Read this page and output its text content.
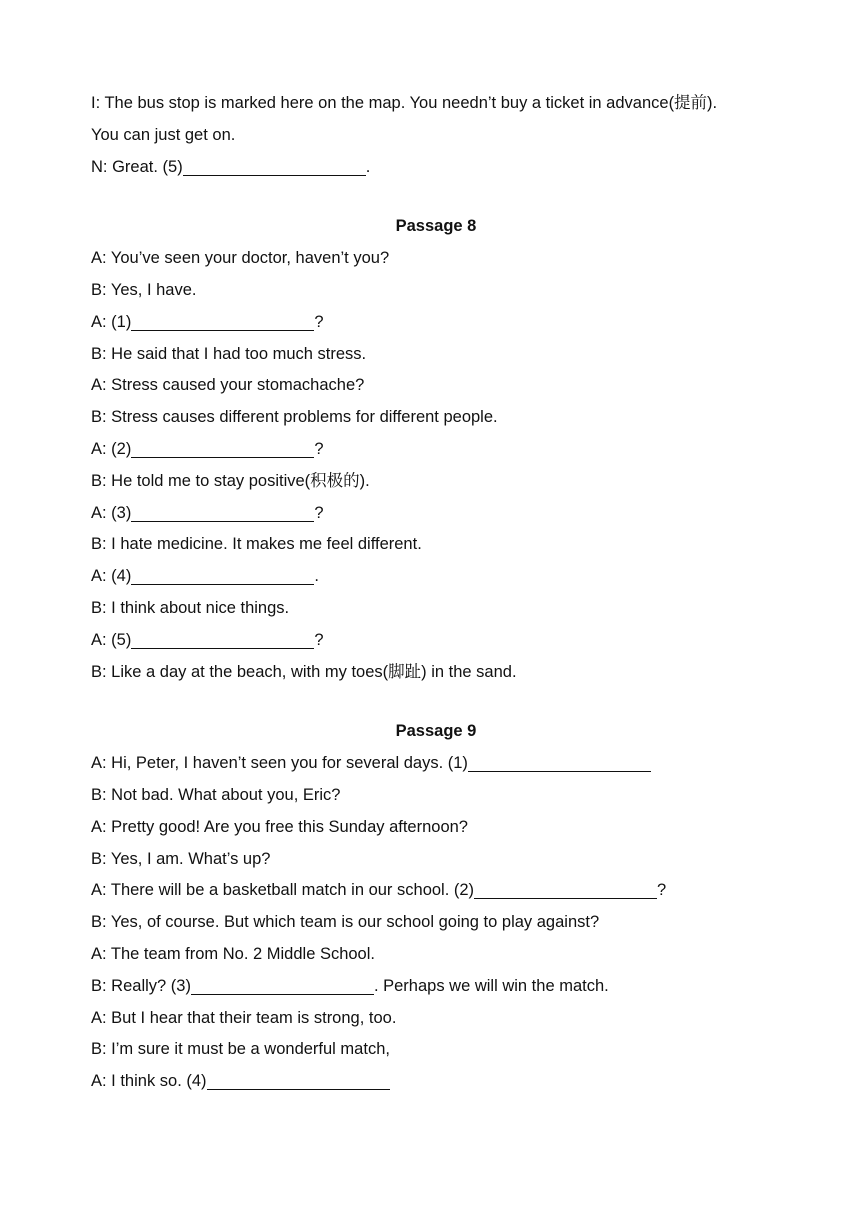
I: The bus stop is marked here on the map. You needn’t buy a ticket in advance(提前).
You can just get on.
N: Great. (5)	.
Passage 8
A: You’ve seen your doctor, haven’t you?
B: Yes, I have.
A: (1)	?
B: He said that I had too much stress.
A: Stress caused your stomachache?
B: Stress causes different problems for different people.
A: (2)	?
B: He told me to stay positive(积极的).
A: (3)	?
B: I hate medicine. It makes me feel different.
A: (4)	.
B: I think about nice things.
A: (5)	?
B: Like a day at the beach, with my toes(脚趾) in the sand.
Passage 9
A: Hi, Peter, I haven’t seen you for several days. (1)
B: Not bad. What about you, Eric?
A: Pretty good! Are you free this Sunday afternoon?
B: Yes, I am. What’s up?
A: There will be a basketball match in our school. (2)	?
B: Yes, of course. But which team is our school going to play against?
A: The team from No. 2 Middle School.
B: Really? (3)	. Perhaps we will win the match.
A: But I hear that their team is strong, too.
B: I’m sure it must be a wonderful match,
A: I think so. (4)
